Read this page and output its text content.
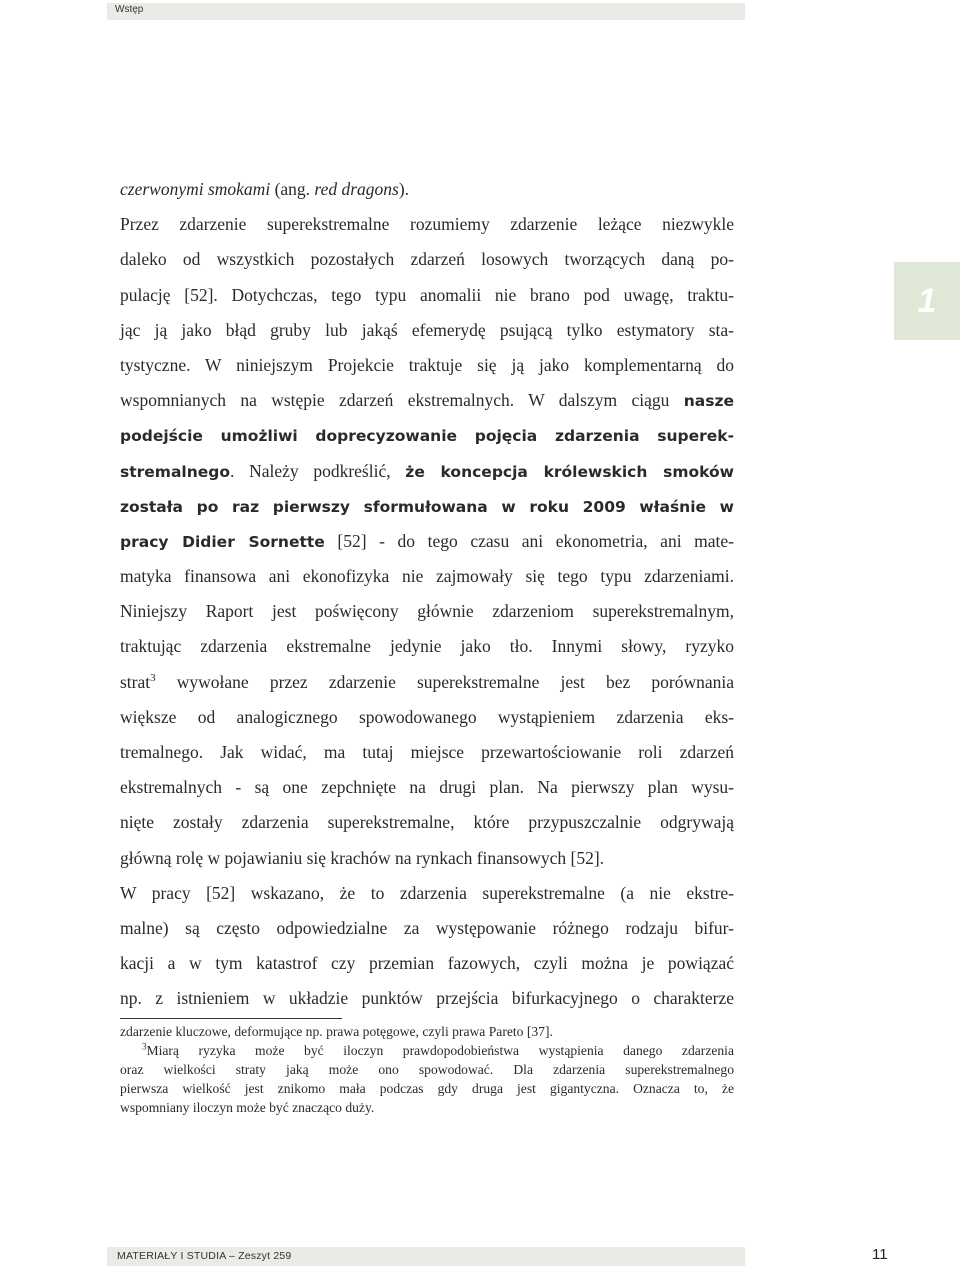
Wstęp
1
czerwonymi smokami (ang. red dragons).
Przez zdarzenie superekstremalne rozumiemy zdarzenie leżące niezwykle
daleko od wszystkich pozostałych zdarzeń losowych tworzących daną po-
pulację [52]. Dotychczas, tego typu anomalii nie brano pod uwagę, traktu-
jąc ją jako błąd gruby lub jakąś efemerydę psującą tylko estymatory sta-
tystyczne. W niniejszym Projekcie traktuje się ją jako komplementarną do
wspomnianych na wstępie zdarzeń ekstremalnych. W dalszym ciągu nasze
podejście umożliwi doprecyzowanie pojęcia zdarzenia superek-
stremalnego. Należy podkreślić, że koncepcja królewskich smoków
została po raz pierwszy sformułowana w roku 2009 właśnie w
pracy Didier Sornette [52] - do tego czasu ani ekonometria, ani mate-
matyka finansowa ani ekonofizyka nie zajmowały się tego typu zdarzeniami.
Niniejszy Raport jest poświęcony głównie zdarzeniom superekstremalnym,
traktując zdarzenia ekstremalne jedynie jako tło. Innymi słowy, ryzyko
strat$^3$ wywołane przez zdarzenie superekstremalne jest bez porównania
większe od analogicznego spowodowanego wystąpieniem zdarzenia eks-
tremalnego. Jak widać, ma tutaj miejsce przewartościowanie roli zdarzeń
ekstremalnych - są one zepchnięte na drugi plan. Na pierwszy plan wysu-
nięte zostały zdarzenia superekstremalne, które przypuszczalnie odgrywają
główną rolę w pojawianiu się krachów na rynkach finansowych [52].
W pracy [52] wskazano, że to zdarzenia superekstremalne (a nie ekstre-
malne) są często odpowiedzialne za występowanie różnego rodzaju bifur-
kacji a w tym katastrof czy przemian fazowych, czyli można je powiązać
np. z istnieniem w układzie punktów przejścia bifurkacyjnego o charakterze
zdarzenie kluczowe, deformujące np. prawa potęgowe, czyli prawa Pareto [37].
$^3$Miarą ryzyka może być iloczyn prawdopodobieństwa wystąpienia danego zdarzenia
oraz wielkości straty jaką może ono spowodować. Dla zdarzenia superekstremalnego
pierwsza wielkość jest znikomo mała podczas gdy druga jest gigantyczna. Oznacza to, że
wspomniany iloczyn może być znacząco duży.
MATERIAŁY I STUDIA – Zeszyt 259	11
